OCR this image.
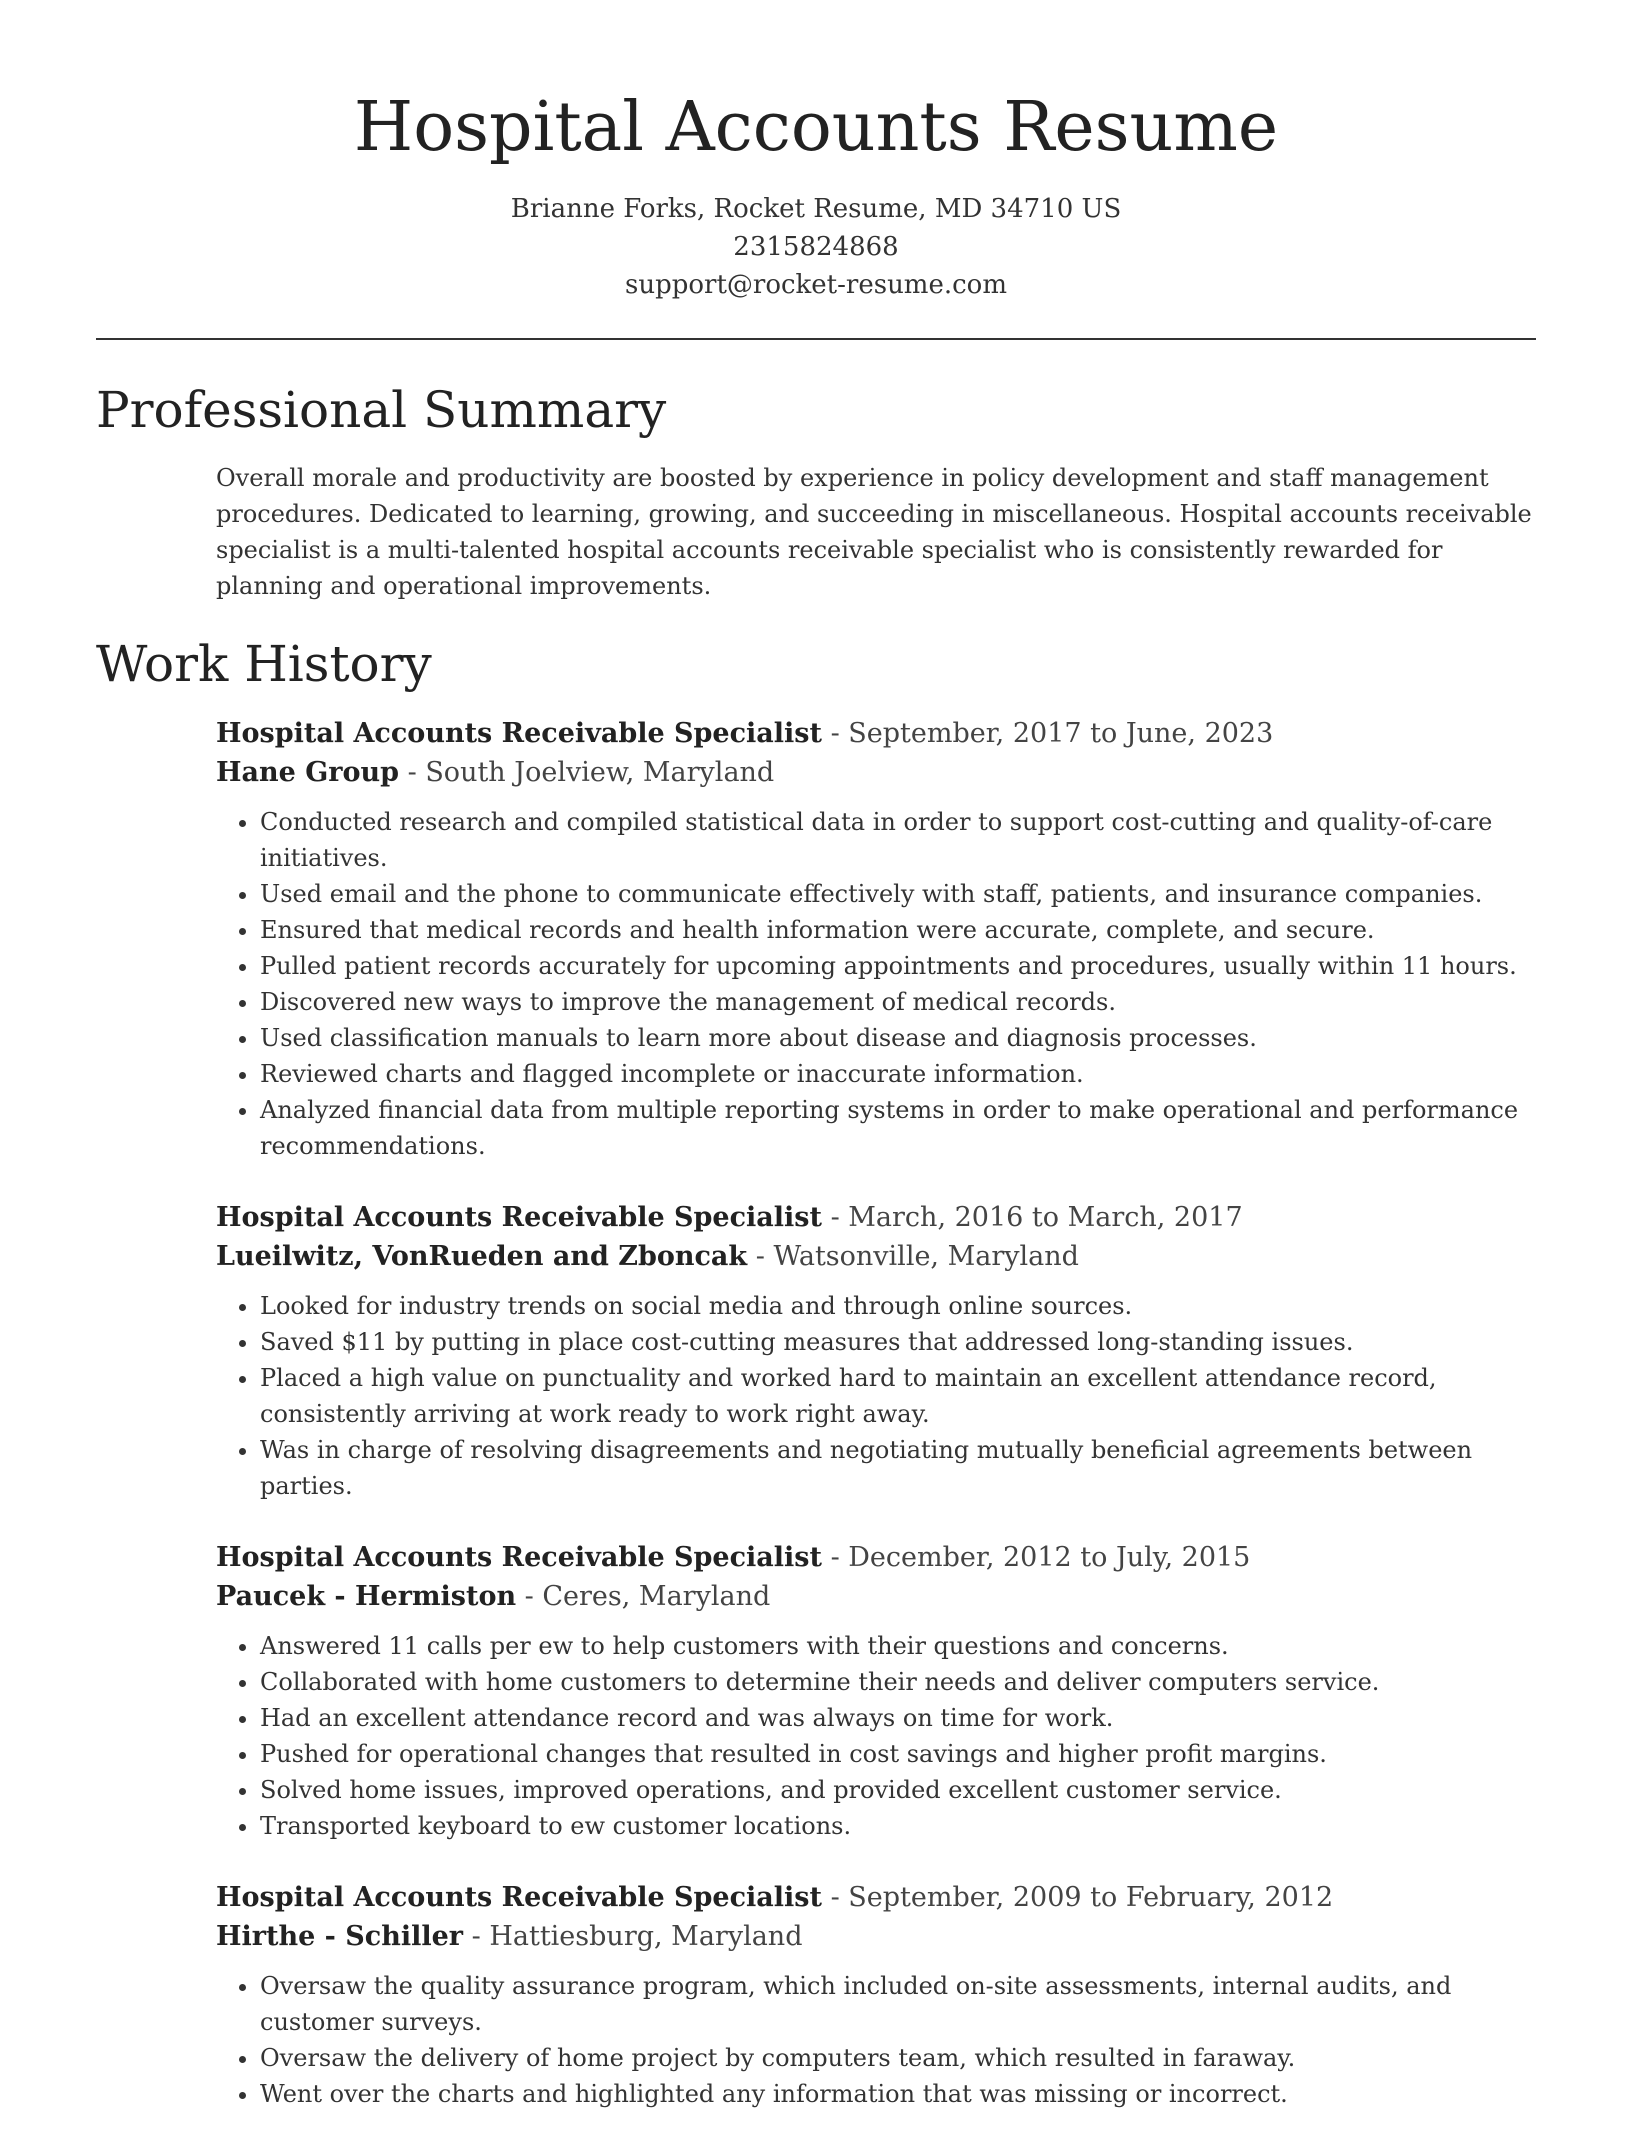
Hospital Accounts Resume
Brianne Forks, Rocket Resume, MD 34710 US
2315824868
support@rocket-resume.com
Professional Summary

Overall morale and productivity are boosted by experience in policy development and staff management procedures. Dedicated to learning, growing, and succeeding in miscellaneous. Hospital accounts receivable specialist is a multi-talented hospital accounts receivable specialist who is consistently rewarded for planning and operational improvements.

Work History
Hospital Accounts Receivable Specialist - September, 2017 to June, 2023
Hane Group - South Joelview, Maryland
• Conducted research and compiled statistical data in order to support cost-cutting and quality-of-care initiatives.
• Used email and the phone to communicate effectively with staff, patients, and insurance companies.
• Ensured that medical records and health information were accurate, complete, and secure.
• Pulled patient records accurately for upcoming appointments and procedures, usually within 11 hours.
• Discovered new ways to improve the management of medical records.
• Used classification manuals to learn more about disease and diagnosis processes.
• Reviewed charts and flagged incomplete or inaccurate information.
• Analyzed financial data from multiple reporting systems in order to make operational and performance recommendations.
Hospital Accounts Receivable Specialist - March, 2016 to March, 2017
Lueilwitz, VonRueden and Zboncak - Watsonville, Maryland
• Looked for industry trends on social media and through online sources.
• Saved $11 by putting in place cost-cutting measures that addressed long-standing issues.
• Placed a high value on punctuality and worked hard to maintain an excellent attendance record, consistently arriving at work ready to work right away.
• Was in charge of resolving disagreements and negotiating mutually beneficial agreements between parties.
Hospital Accounts Receivable Specialist - December, 2012 to July, 2015
Paucek - Hermiston - Ceres, Maryland
• Answered 11 calls per ew to help customers with their questions and concerns.
• Collaborated with home customers to determine their needs and deliver computers service.
• Had an excellent attendance record and was always on time for work.
• Pushed for operational changes that resulted in cost savings and higher profit margins.
• Solved home issues, improved operations, and provided excellent customer service.
• Transported keyboard to ew customer locations.
Hospital Accounts Receivable Specialist - September, 2009 to February, 2012
Hirthe - Schiller - Hattiesburg, Maryland
• Oversaw the quality assurance program, which included on-site assessments, internal audits, and customer surveys.
• Oversaw the delivery of home project by computers team, which resulted in faraway.
• Went over the charts and highlighted any information that was missing or incorrect.
